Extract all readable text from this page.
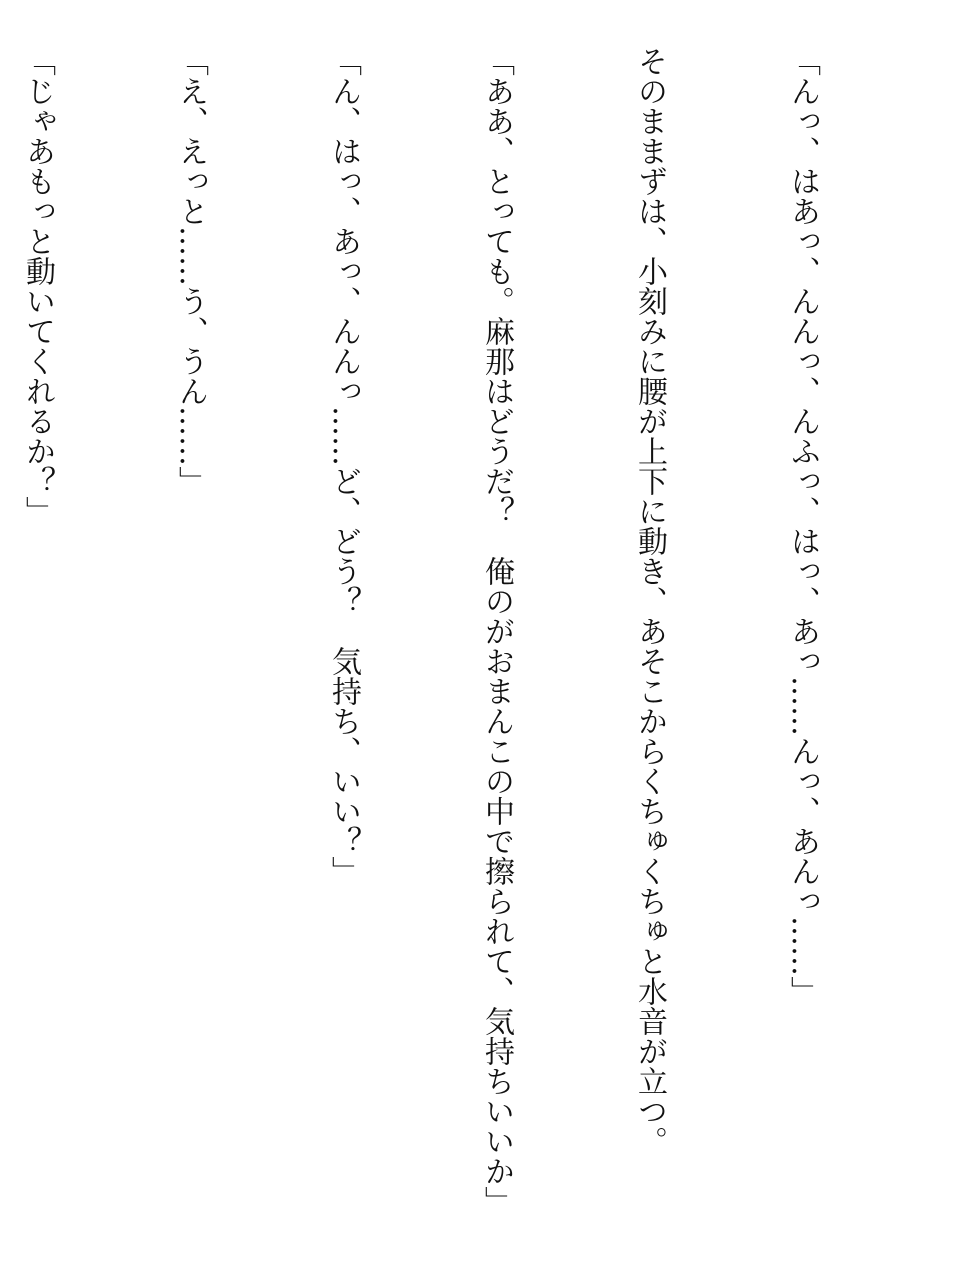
「んっ、はあっ、んんっ、んふっ、はっ、あっ……んっ、あんっ……」

そのままずは、小刻みに腰が上下に動き、あそこからくちゅくちゅと水音が立つ。

「ああ、とっても。麻那はどうだ？　俺のがおまんこの中で擦られて、気持ちいいか」

「ん、はっ、あっ、んんっ……ど、どう？　気持ち、いい？」

「え、えっと……う、うん……」

「じゃあもっと動いてくれるか？」
